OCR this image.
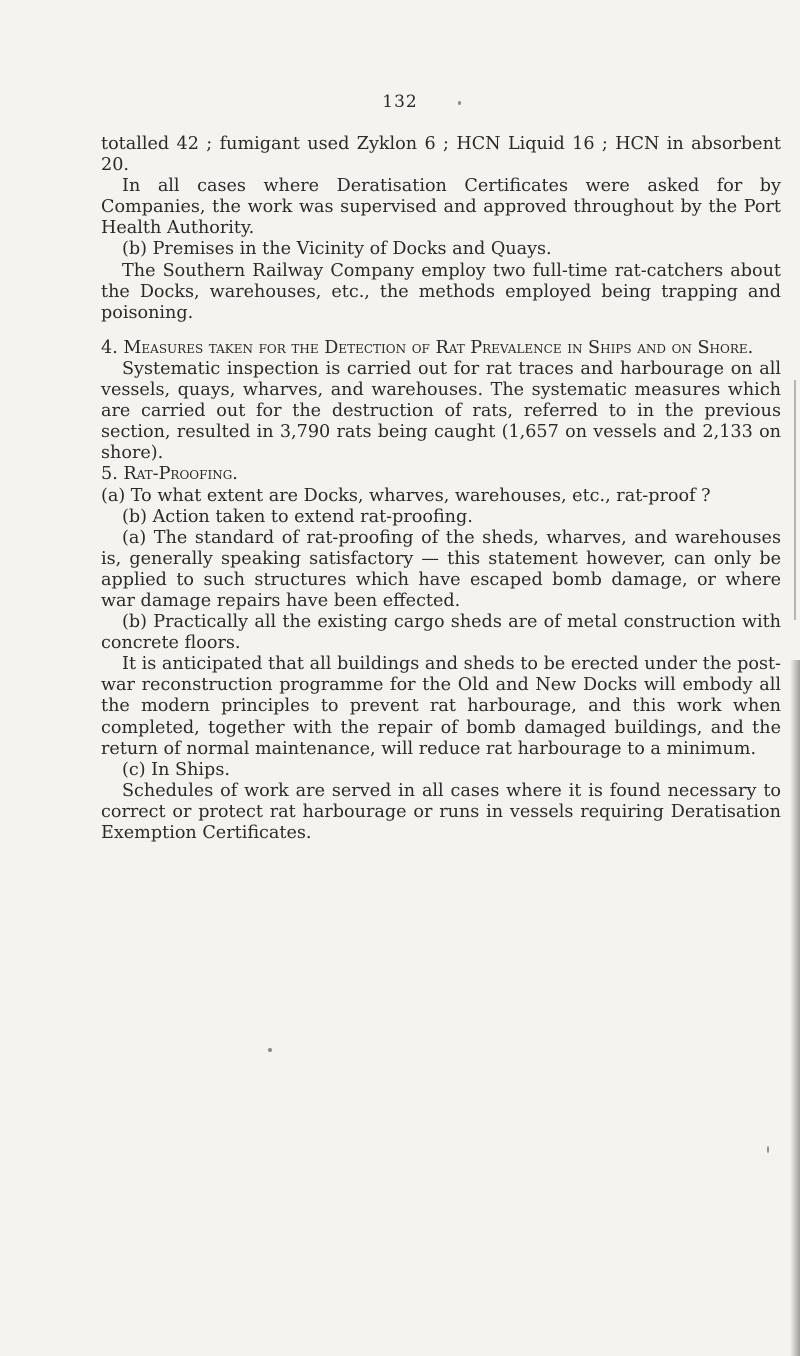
132

totalled 42 ; fumigant used Zyklon 6 ; HCN Liquid 16 ; HCN in absorbent 20.

In all cases where Deratisation Certificates were asked for by Companies, the work was supervised and approved throughout by the Port Health Authority.

(b) Premises in the Vicinity of Docks and Quays.

The Southern Railway Company employ two full-time rat-catchers about the Docks, warehouses, etc., the methods employed being trapping and poisoning.

4. Measures taken for the Detection of Rat Prevalence in Ships and on Shore.

Systematic inspection is carried out for rat traces and harbourage on all vessels, quays, wharves, and warehouses. The systematic measures which are carried out for the destruction of rats, referred to in the previous section, resulted in 3,790 rats being caught (1,657 on vessels and 2,133 on shore).

5. Rat-Proofing.

(a) To what extent are Docks, wharves, warehouses, etc., rat-proof ?

(b) Action taken to extend rat-proofing.

(a) The standard of rat-proofing of the sheds, wharves, and warehouses is, generally speaking satisfactory — this statement however, can only be applied to such structures which have escaped bomb damage, or where war damage repairs have been effected.

(b) Practically all the existing cargo sheds are of metal construction with concrete floors.

It is anticipated that all buildings and sheds to be erected under the post-war reconstruction programme for the Old and New Docks will embody all the modern principles to prevent rat harbourage, and this work when completed, together with the repair of bomb damaged buildings, and the return of normal maintenance, will reduce rat harbourage to a minimum.

(c) In Ships.

Schedules of work are served in all cases where it is found necessary to correct or protect rat harbourage or runs in vessels requiring Deratisation Exemption Certificates.
